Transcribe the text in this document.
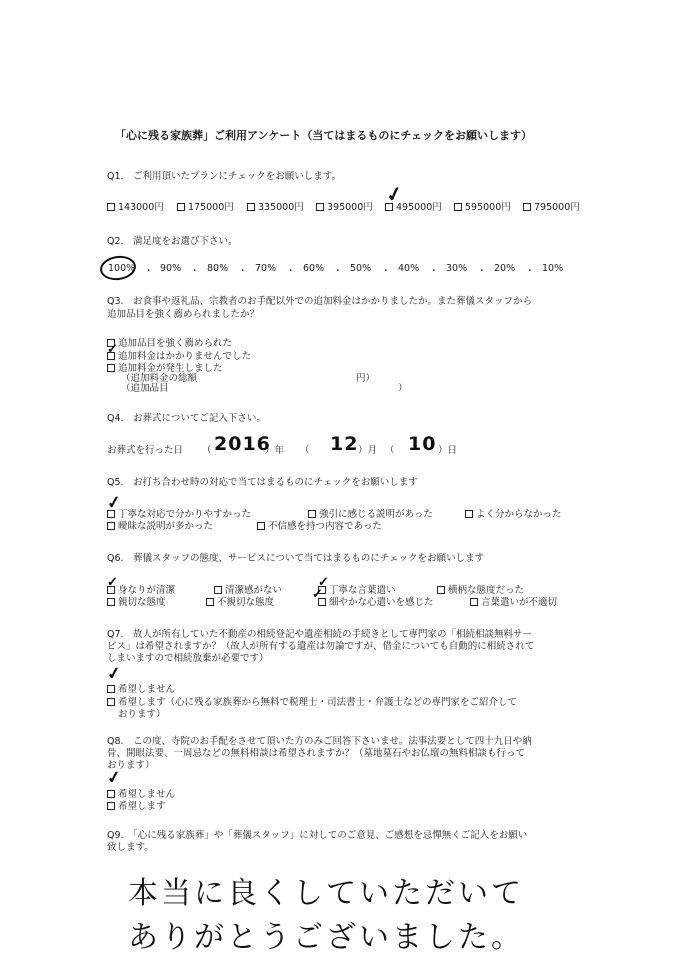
「心に残る家族葬」ご利用アンケート（当てはまるものにチェックをお願いします）
Q1.　ご利用頂いたプランにチェックをお願いします。
143000円	175000円	335000円	395000円	495000円	595000円	795000円
✓
Q2.　満足度をお選び下さい。
100% ・ 90% ・ 80% ・ 70% ・ 60% ・ 50% ・ 40% ・ 30% ・ 20% ・ 10%
Q3.　お食事や返礼品、宗教者のお手配以外での追加料金はかかりましたか。また葬儀スタッフから
追加品目を強く薦められましたか？
追加品目を強く薦められた
追加料金はかかりませんでした
追加料金が発生しました
✓
（追加料金の総額	円）
（追加品目	）
Q4.　お葬式についてご記入下さい。
お葬式を行った日 （ 2016
）年 （ 12 ）月 （ 10 ）日
Q5.　お打ち合わせ時の対応で当てはまるものにチェックをお願いします
丁寧な対応で分かりやすかった	強引に感じる説明があった	よく分からなかった
曖昧な説明が多かった	不信感を持つ内容であった
✓
Q6.　葬儀スタッフの態度、サービスについて当てはまるものにチェックをお願いします
身なりが清潔	清潔感がない	丁寧な言葉遣い	横柄な態度だった
親切な態度	不親切な態度	細やかな心遣いを感じた	言葉遣いが不適切
✓	✓
✓
Q7.　故人が所有していた不動産の相続登記や遺産相続の手続きとして専門家の「相続相談無料サー
ビス」は希望されますか？（故人が所有する遺産は勿論ですが、借金についても自動的に相続されて
しまいますので相続放棄が必要です）
希望しません
希望します（心に残る家族葬から無料で税理士・司法書士・弁護士などの専門家をご紹介して
おります）
✓
Q8.　この度、寺院のお手配をさせて頂いた方のみご回答下さいませ。法事法要として四十九日や納
骨、開眼法要、一周忌などの無料相談は希望されますか？（墓地墓石やお仏壇の無料相談も行って
おります）
希望しません
希望します
✓
Q9.　「心に残る家族葬」や「葬儀スタッフ」に対してのご意見、ご感想を忌憚無くご記入をお願い
致します。
本当に良くしていただいて
ありがとうございました。
